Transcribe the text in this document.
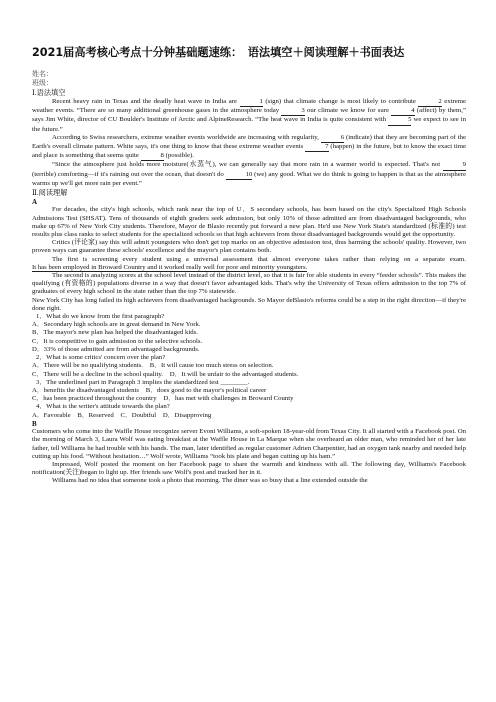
2021届高考核心考点十分钟基础题速练：　语法填空＋阅读理解＋书面表达
姓名：
班级：
Ⅰ.语法填空

Recent heavy rain in Texas and the deadly heat wave in India are	1 (sign) that climate change is most likely to contribute	2 extreme weather events. “There are so many additional greenhouse gases in the atmosphere today	3 our climate we know for sure	4 (affect) by them,” says Jim White, director of CU Boulder's Institute of Arctic and AlpineResearch. “The heat wave in India is quite consistent with	5 we expect to see in the future.”

According to Swiss researchers, extreme weather events worldwide are increasing with regularity,	6 (indicate) that they are becoming part of the Earth's overall climate pattern. White says, it's one thing to know that these extreme weather events	7 (happen) in the future, but to know the exact time and place is something that seems quite	8 (possible).

“Since the atmosphere just holds more moisture(水蒸气), we can generally say that more rain in a warmer world is expected. That's not	9 (terrible) comforting—if it's raining out over the ocean, that doesn't do	10 (we) any good. What we do think is going to happen is that as the atmosphere warms up we'll get more rain per event.”

Ⅱ.阅读理解
A

For decades, the city's high schools, which rank near the top of U．S secondary schools, has been based on the city's Specialized High Schools Admissions Test (SHSAT). Tens of thousands of eighth graders seek admission, but only 10% of those admitted are from disadvantaged backgrounds, who make up 67% of New York City students. Therefore, Mayor de Blasio recently put forward a new plan. He'd use New York State's standardized (标准的) test results plus class ranks to select students for the specialized schools so that high achievers from those disadvantaged backgrounds would get the opportunity.

Critics (评论家) say this will admit youngsters who don't get top marks on an objective admission test, thus harming the schools' quality. However, two proven ways can guarantee these schools' excellence and the mayor's plan contains both.

The first is screening every student using a universal assessment that almost everyone takes rather than relying on a separate exam.

It has been employed in Broward Country and it worked really well for poor and minority youngsters.

The second is analyzing scores at the school level instead of the district level, so that it is fair for able students in every “feeder schools”. This makes the qualifying (有资格的) populations diverse in a way that doesn't favor advantaged kids. That's why the University of Texas offers admission to the top 7% of graduates of every high school in the state rather than the top 7% statewide.

New York City has long failed its high achievers from disadvantaged backgrounds. So Mayor deBlasio's reforms could be a step in the right direction—if they're done right.

1．What do we know from the first paragraph?
A．Secondary high schools are in great demand in New York.
B．The mayor's new plan has helped the disadvantaged kids.
C．It is competitive to gain admission to the selective schools.
D．33% of those admitted are from advantaged backgrounds.
2．What is some critics' concern over the plan?
A．There will be no qualifying students.　B．It will cause too much stress on selection.
C．There will be a decline in the school quality.　D．It will be unfair to the advantaged students.
3．The underlined part in Paragraph 3 implies the standardized test ________.
A．benefits the disadvantaged students　B．does good to the mayor's political career
C．has been practiced throughout the country　D．has met with challenges in Broward County
4．What is the writer's attitude towards the plan?
A．Favorable　B．Reserved　C．Doubtful　D．Disapproving
B

Customers who come into the Waffle House recognize server Evoni Williams, a soft-spoken 18-year-old from Texas City. It all started with a Facebook post. On the morning of March 3, Laura Wolf was eating breakfast at the Waffle House in La Marque when she overheard an older man, who reminded her of her late father, tell Williams he had trouble with his hands. The man, later identified as regular customer Adrien Charpentier, had an oxygen tank nearby and needed help cutting up his food. “Without hesitation…” Wolf wrote, Williams “took his plate and began cutting up his ham.”

Impressed, Wolf posted the moment on her Facebook page to share the warmth and kindness with all. The following day, Williams's Facebook notification(关注)began to light up. Her friends saw Wolf's post and tracked her in it.

Williams had no idea that someone took a photo that morning. The diner was so busy that a line extended outside the
